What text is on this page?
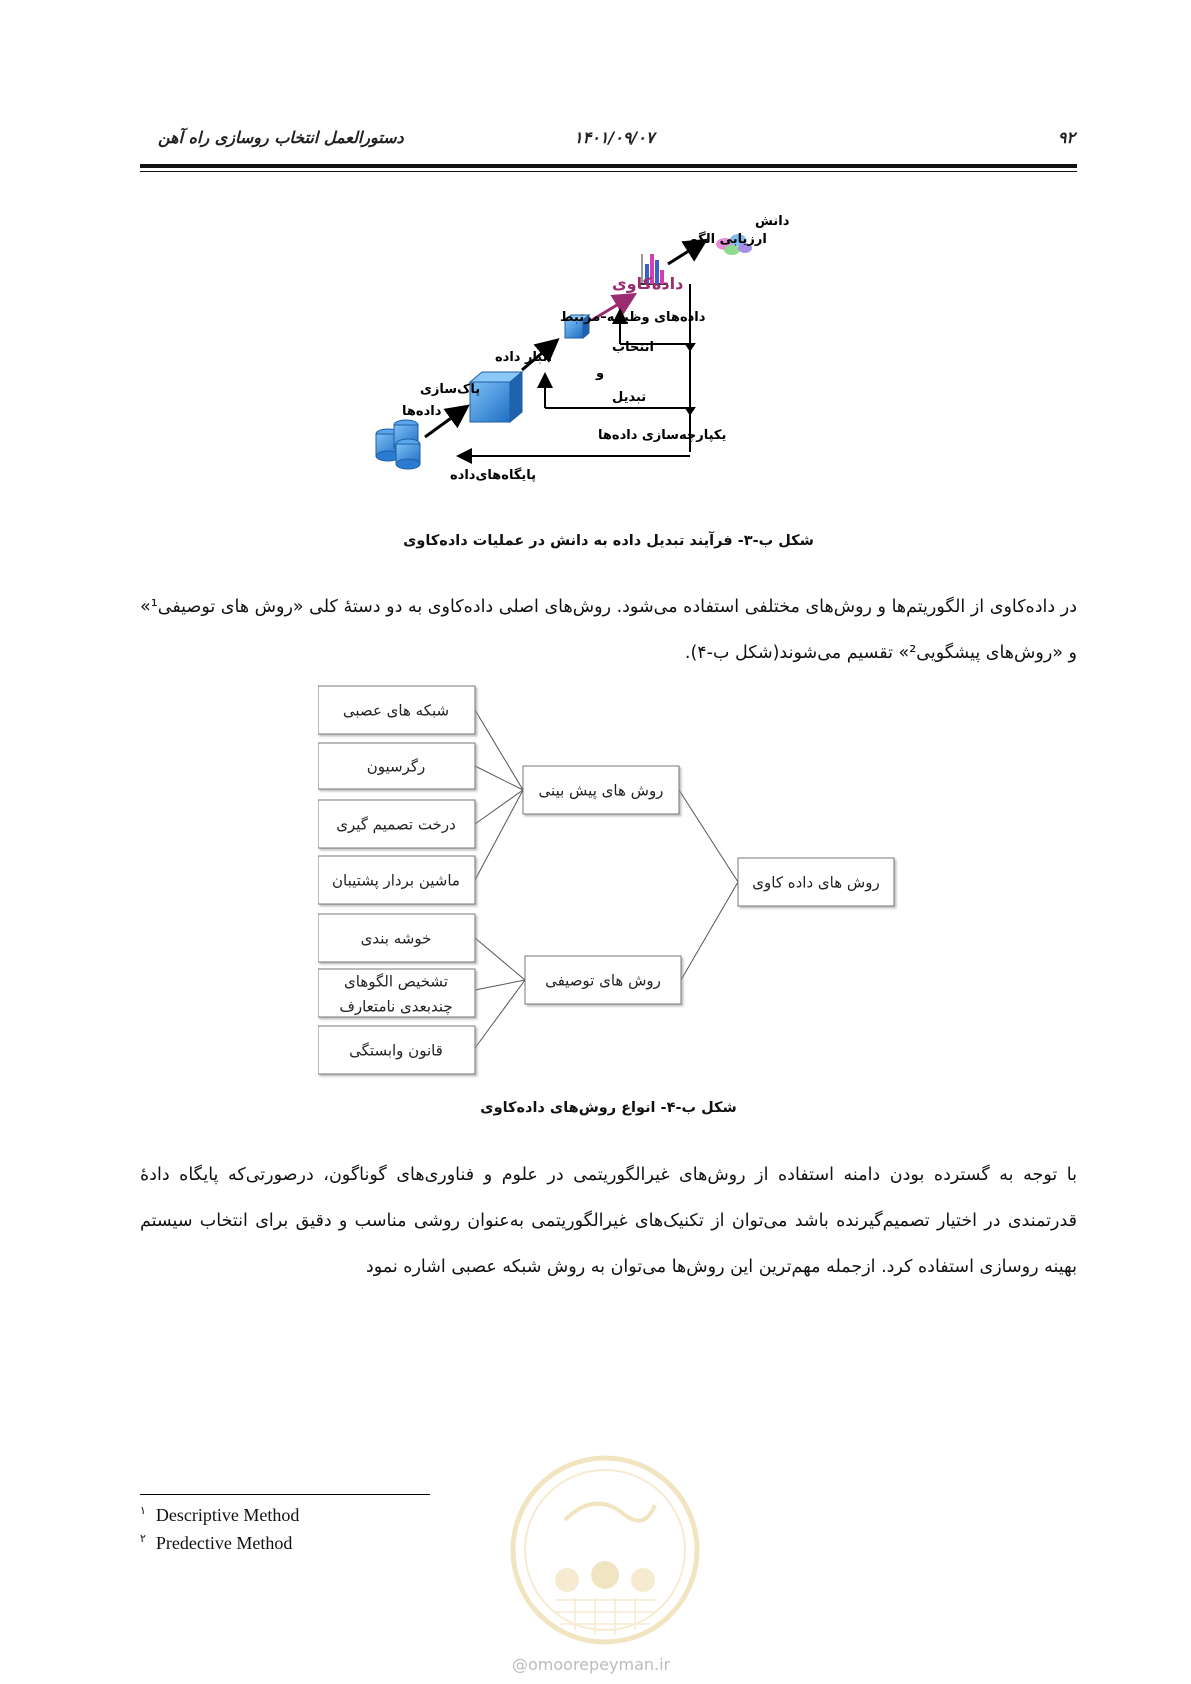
۹۲
۱۴۰۱/۰۹/۰۷
دستورالعمل انتخاب روسازی راه آهن
دانش
ارزیابی الگو
داده‌کاوی
داده‌های وظیفه–مرتبط
انتخاب
و
تبدیل
انبار داده
پاک‌سازی
داده‌ها
یکپارچه‌سازی داده‌ها
پایگاه‌های‌داده
شکل ب-۳- فرآیند تبدیل داده به دانش در عملیات داده‌کاوی
در داده‌کاوی از الگوریتم‌ها و روش‌های مختلفی استفاده می‌شود. روش‌های اصلی داده‌کاوی به دو دستهٔ کلی «روش های توصیفی¹» و «روش‌های پیشگویی²» تقسیم می‌شوند(شکل ب-۴).
شبکه های عصبی
رگرسیون
درخت تصمیم گیری
ماشین بردار پشتیبان
خوشه بندی
تشخیص الگوهای
چندبعدی نامتعارف
قانون وابستگی
روش های پیش بینی
روش های توصیفی
روش های داده کاوی
شکل ب-۴- انواع روش‌های داده‌کاوی
با توجه به گسترده بودن دامنه استفاده از روش‌های غیرالگوریتمی در علوم و فناوری‌های گوناگون، درصورتی‌که پایگاه دادهٔ قدرتمندی در اختیار تصمیم‌گیرنده باشد می‌توان از تکنیک‌های غیرالگوریتمی به‌عنوان روشی مناسب و دقیق برای انتخاب سیستم بهینه روسازی استفاده کرد. ازجمله مهم‌ترین این روش‌ها می‌توان به روش شبکه عصبی اشاره نمود
$^۱$ Descriptive Method
$^۲$ Predective Method
@omoorepeyman.ir
